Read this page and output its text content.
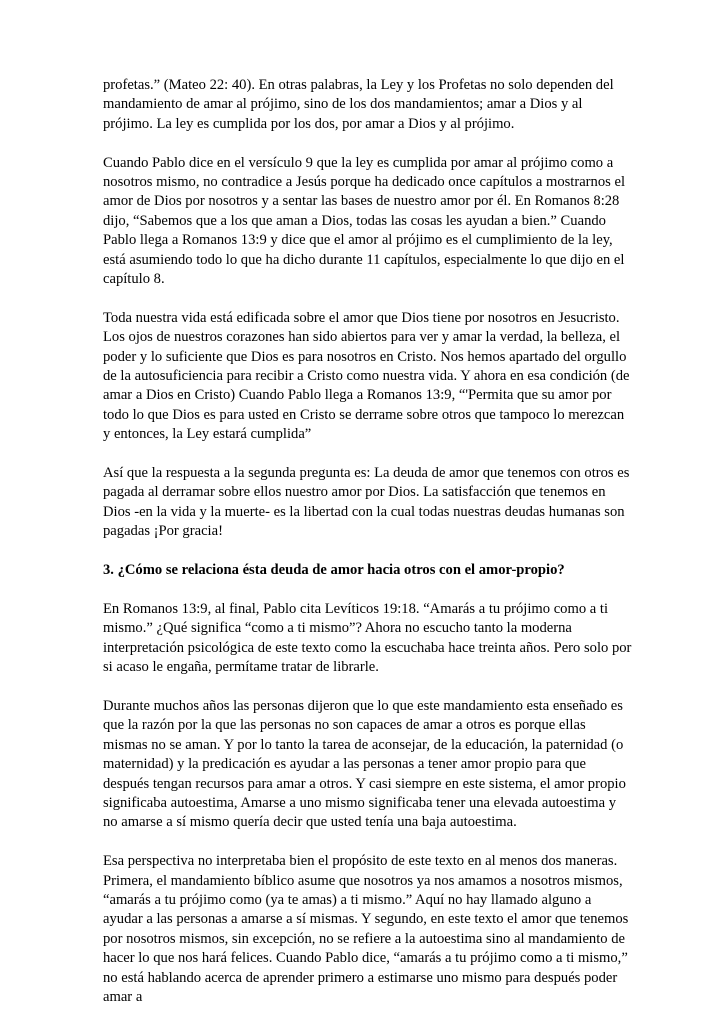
profetas.” (Mateo 22: 40). En otras palabras, la Ley y los Profetas no solo dependen del mandamiento de amar al prójimo, sino de los dos mandamientos; amar a Dios y al prójimo. La ley es cumplida por los dos, por amar a Dios y al prójimo.

Cuando Pablo dice en el versículo 9 que la ley es cumplida por amar al prójimo como a nosotros mismo, no contradice a Jesús porque ha dedicado once capítulos a mostrarnos el amor de Dios por nosotros y a sentar las bases de nuestro amor por él. En Romanos 8:28 dijo, “Sabemos que a los que aman a Dios, todas las cosas les ayudan a bien.” Cuando Pablo llega a Romanos 13:9 y dice que el amor al prójimo es el cumplimiento de la ley, está asumiendo todo lo que ha dicho durante 11 capítulos, especialmente lo que dijo en el capítulo 8.

Toda nuestra vida está edificada sobre el amor que Dios tiene por nosotros en Jesucristo. Los ojos de nuestros corazones han sido abiertos para ver y amar la verdad, la belleza, el poder y lo suficiente que Dios es para nosotros en Cristo. Nos hemos apartado del orgullo de la autosuficiencia para recibir a Cristo como nuestra vida. Y ahora en esa condición (de amar a Dios en Cristo) Cuando Pablo llega a Romanos 13:9, “'Permita que su amor por todo lo que Dios es para usted en Cristo se derrame sobre otros que tampoco lo merezcan y entonces, la Ley estará cumplida”

Así que la respuesta a la segunda pregunta es: La deuda de amor que tenemos con otros es pagada al derramar sobre ellos nuestro amor por Dios. La satisfacción que tenemos en Dios -en la vida y la muerte- es la libertad con la cual todas nuestras deudas humanas son pagadas ¡Por gracia!

3. ¿Cómo se relaciona ésta deuda de amor hacia otros con el amor-propio?

En Romanos 13:9, al final, Pablo cita Levíticos 19:18. “Amarás a tu prójimo como a ti mismo.” ¿Qué significa “como a ti mismo”? Ahora no escucho tanto la moderna interpretación psicológica de este texto como la escuchaba hace treinta años. Pero solo por si acaso le engaña, permítame tratar de librarle.

Durante muchos años las personas dijeron que lo que este mandamiento esta enseñado es que la razón por la que las personas no son capaces de amar a otros es porque ellas mismas no se aman. Y por lo tanto la tarea de aconsejar, de la educación, la paternidad (o maternidad) y la predicación es ayudar a las personas a tener amor propio para que después tengan recursos para amar a otros. Y casi siempre en este sistema, el amor propio significaba autoestima, Amarse a uno mismo significaba tener una elevada autoestima y no amarse a sí mismo quería decir que usted tenía una baja autoestima.

Esa perspectiva no interpretaba bien el propósito de este texto en al menos dos maneras. Primera, el mandamiento bíblico asume que nosotros ya nos amamos a nosotros mismos, “amarás a tu prójimo como (ya te amas) a ti mismo.” Aquí no hay llamado alguno a ayudar a las personas a amarse a sí mismas. Y segundo, en este texto el amor que tenemos por nosotros mismos, sin excepción, no se refiere a la autoestima sino al mandamiento de hacer lo que nos hará felices. Cuando Pablo dice, “amarás a tu prójimo como a ti mismo,” no está hablando acerca de aprender primero a estimarse uno mismo para después poder amar a
